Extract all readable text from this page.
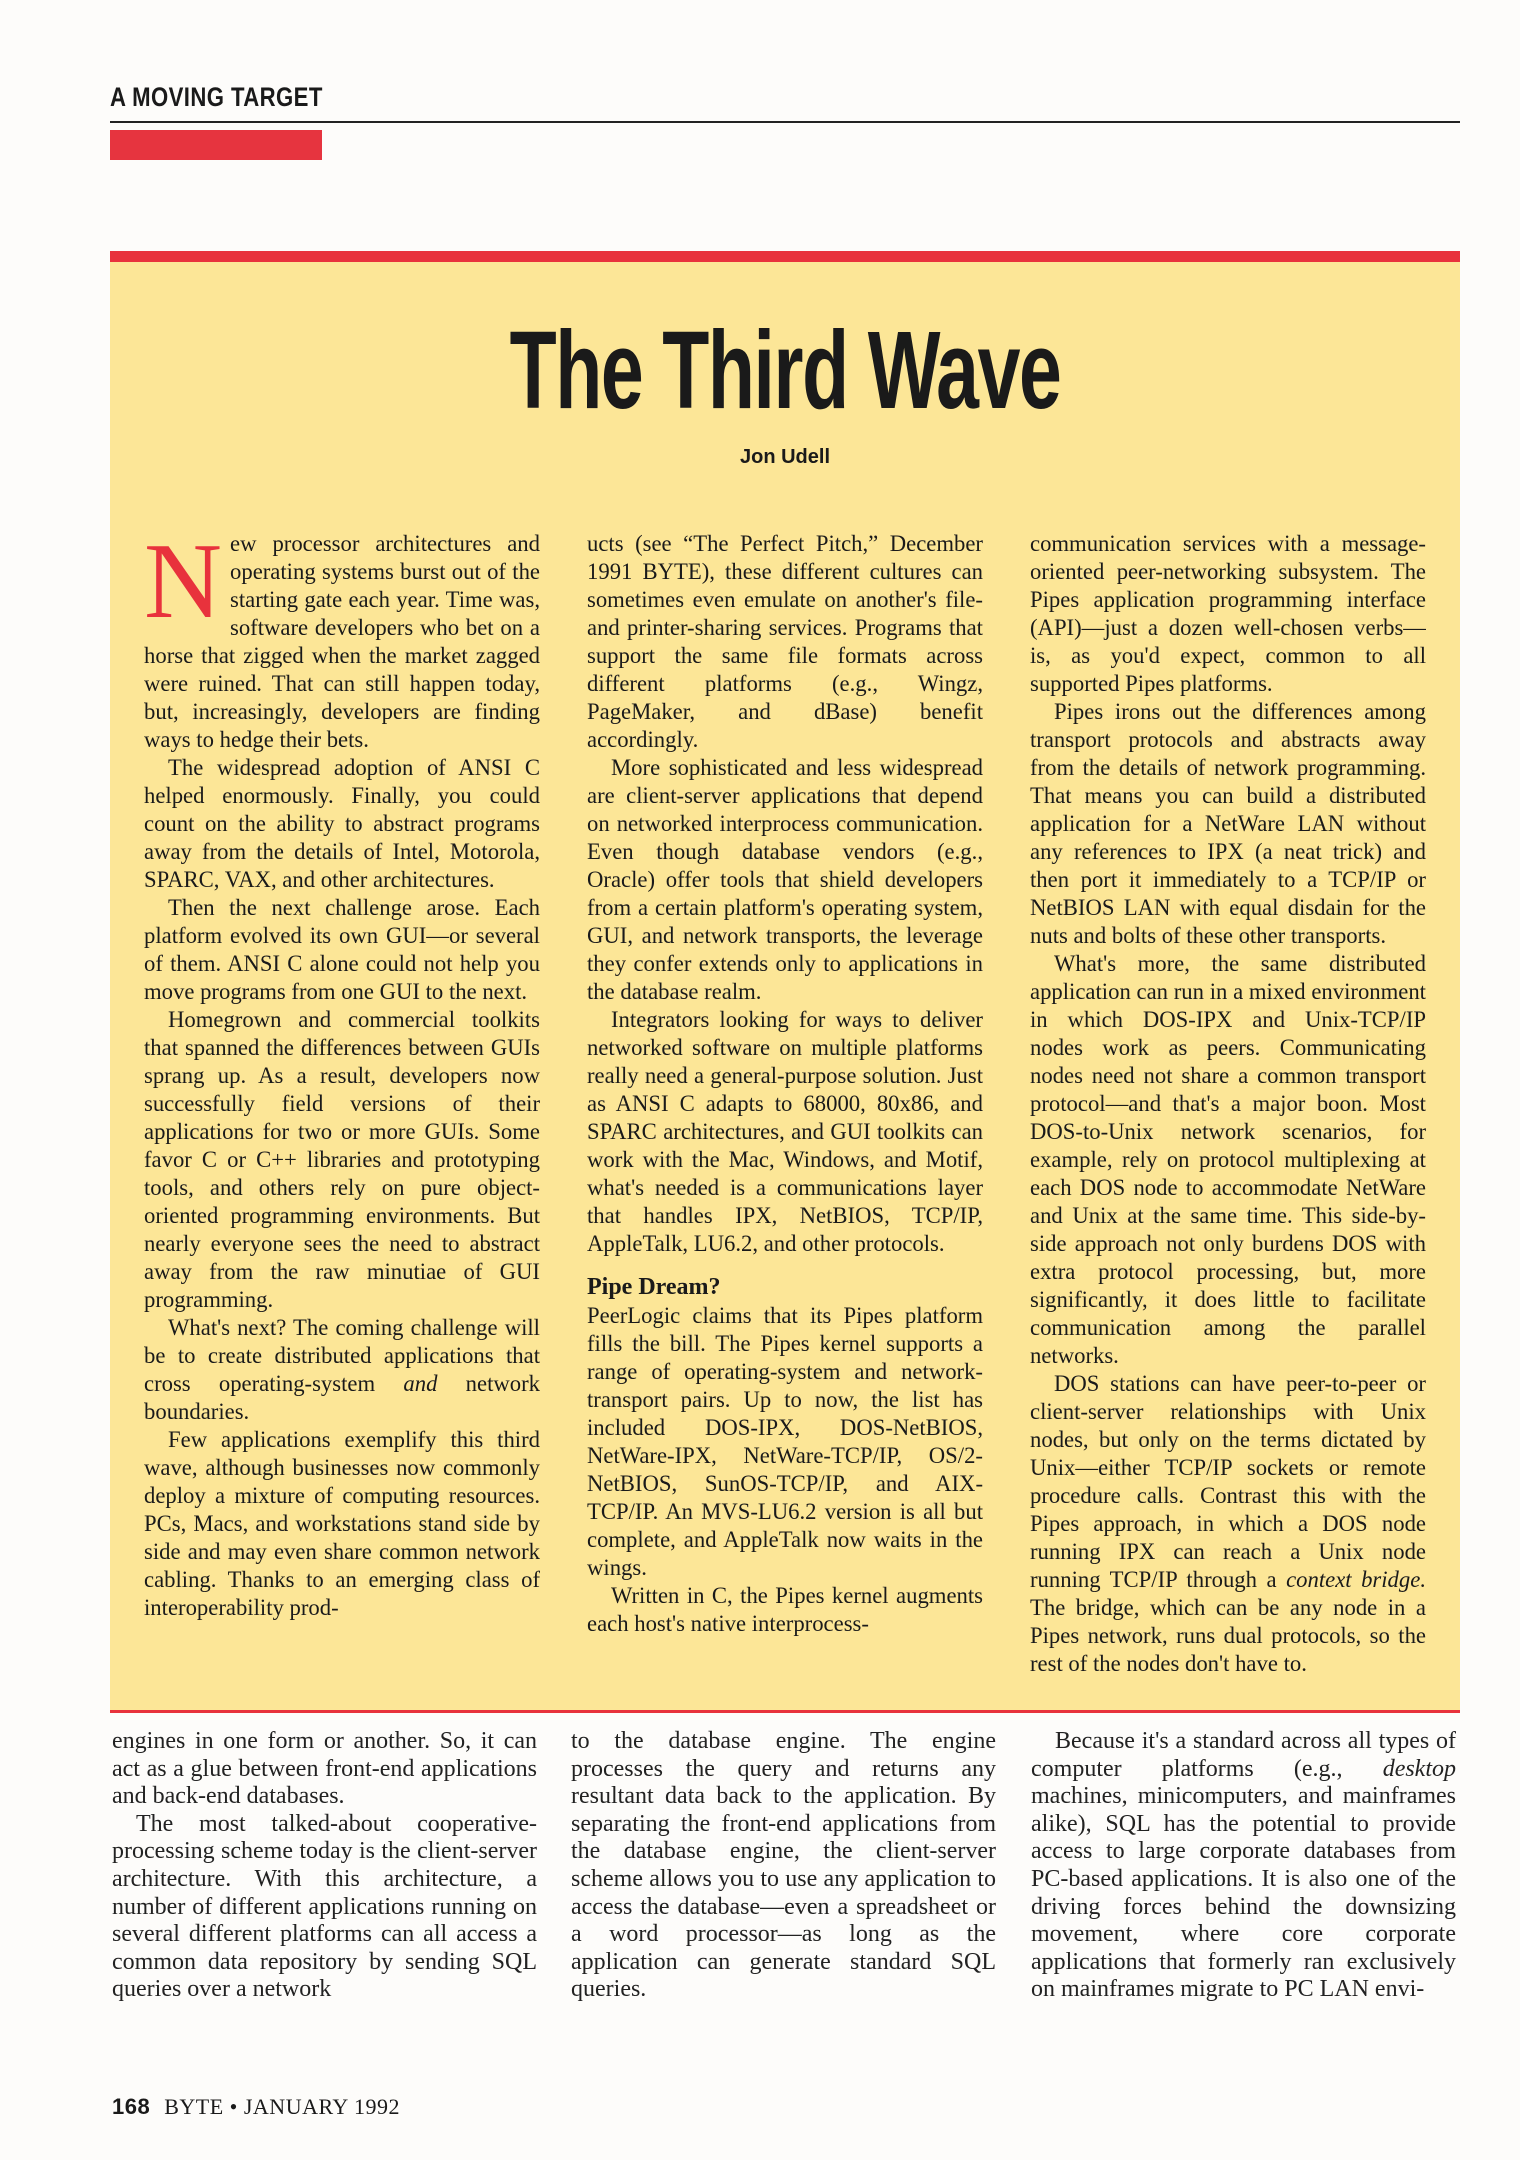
A MOVING TARGET
The Third Wave
Jon Udell

New processor architectures and operating systems burst out of the starting gate each year. Time was, software developers who bet on a horse that zigged when the market zagged were ruined. That can still happen today, but, increasingly, developers are finding ways to hedge their bets.

The widespread adoption of ANSI C helped enormously. Finally, you could count on the ability to abstract programs away from the details of Intel, Motorola, SPARC, VAX, and other architectures.

Then the next challenge arose. Each platform evolved its own GUI—or several of them. ANSI C alone could not help you move programs from one GUI to the next.

Homegrown and commercial toolkits that spanned the differences between GUIs sprang up. As a result, developers now successfully field versions of their applications for two or more GUIs. Some favor C or C++ libraries and prototyping tools, and others rely on pure object-oriented programming environments. But nearly everyone sees the need to abstract away from the raw minutiae of GUI programming.

What's next? The coming challenge will be to create distributed applications that cross operating-system and network boundaries.

Few applications exemplify this third wave, although businesses now commonly deploy a mixture of computing resources. PCs, Macs, and workstations stand side by side and may even share common network cabling. Thanks to an emerging class of interoperability prod-

ucts (see “The Perfect Pitch,” December 1991 BYTE), these different cultures can sometimes even emulate on another's file- and printer-sharing services. Programs that support the same file formats across different platforms (e.g., Wingz, PageMaker, and dBase) benefit accordingly.

More sophisticated and less widespread are client-server applications that depend on networked interprocess communication. Even though database vendors (e.g., Oracle) offer tools that shield developers from a certain platform's operating system, GUI, and network transports, the leverage they confer extends only to applications in the database realm.

Integrators looking for ways to deliver networked software on multiple platforms really need a general-purpose solution. Just as ANSI C adapts to 68000, 80x86, and SPARC architectures, and GUI toolkits can work with the Mac, Windows, and Motif, what's needed is a communications layer that handles IPX, NetBIOS, TCP/IP, AppleTalk, LU6.2, and other protocols.

Pipe Dream?

PeerLogic claims that its Pipes platform fills the bill. The Pipes kernel supports a range of operating-system and network-transport pairs. Up to now, the list has included DOS-IPX, DOS-NetBIOS, NetWare-IPX, NetWare-TCP/IP, OS/2-NetBIOS, SunOS-TCP/IP, and AIX-TCP/IP. An MVS-LU6.2 version is all but complete, and AppleTalk now waits in the wings.

Written in C, the Pipes kernel augments each host's native interprocess-

communication services with a message-oriented peer-networking subsystem. The Pipes application programming interface (API)—just a dozen well-chosen verbs—is, as you'd expect, common to all supported Pipes platforms.

Pipes irons out the differences among transport protocols and abstracts away from the details of network programming. That means you can build a distributed application for a NetWare LAN without any references to IPX (a neat trick) and then port it immediately to a TCP/IP or NetBIOS LAN with equal disdain for the nuts and bolts of these other transports.

What's more, the same distributed application can run in a mixed environment in which DOS-IPX and Unix-TCP/IP nodes work as peers. Communicating nodes need not share a common transport protocol—and that's a major boon. Most DOS-to-Unix network scenarios, for example, rely on protocol multiplexing at each DOS node to accommodate NetWare and Unix at the same time. This side-by-side approach not only burdens DOS with extra protocol processing, but, more significantly, it does little to facilitate communication among the parallel networks.

DOS stations can have peer-to-peer or client-server relationships with Unix nodes, but only on the terms dictated by Unix—either TCP/IP sockets or remote procedure calls. Contrast this with the Pipes approach, in which a DOS node running IPX can reach a Unix node running TCP/IP through a context bridge. The bridge, which can be any node in a Pipes network, runs dual protocols, so the rest of the nodes don't have to.

engines in one form or another. So, it can act as a glue between front-end applications and back-end databases.

The most talked-about cooperative-processing scheme today is the client-server architecture. With this architecture, a number of different applications running on several different platforms can all access a common data repository by sending SQL queries over a network

to the database engine. The engine processes the query and returns any resultant data back to the application. By separating the front-end applications from the database engine, the client-server scheme allows you to use any application to access the database—even a spreadsheet or a word processor—as long as the application can generate standard SQL queries.

Because it's a standard across all types of computer platforms (e.g., desktop machines, minicomputers, and mainframes alike), SQL has the potential to provide access to large corporate databases from PC-based applications. It is also one of the driving forces behind the downsizing movement, where core corporate applications that formerly ran exclusively on mainframes migrate to PC LAN envi-

168 BYTE • JANUARY 1992
